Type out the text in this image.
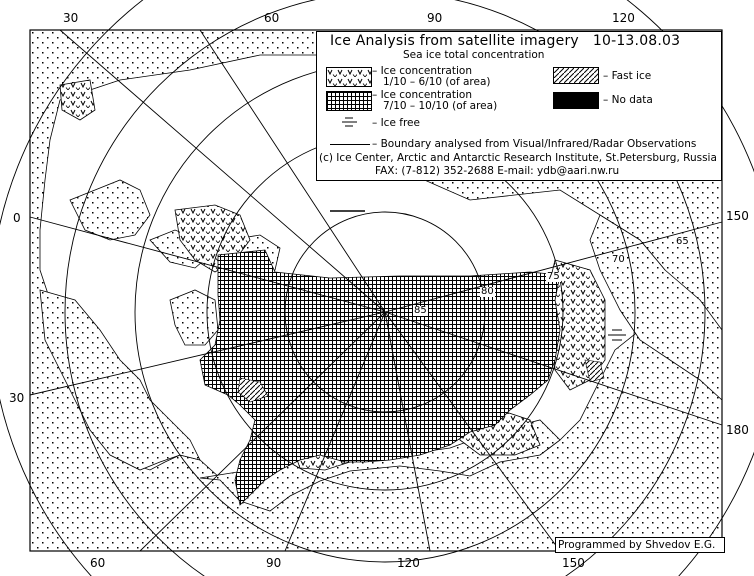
30	60	90	120
60	90	120	150
0
30
150
180
85
80
75
70
65
Ice Analysis from satellite imagery 10-13.08.03
Sea ice total concentration
– Ice concentration
1/10 – 6/10 (of area)
– Ice concentration
7/10 – 10/10 (of area)
– Ice free
– Fast ice
– No data
– Boundary analysed from Visual/Infrared/Radar Observations
(c) Ice Center, Arctic and Antarctic Research Institute, St.Petersburg, Russia
FAX: (7-812) 352-2688 E-mail: ydb@aari.nw.ru
Programmed by Shvedov E.G.
